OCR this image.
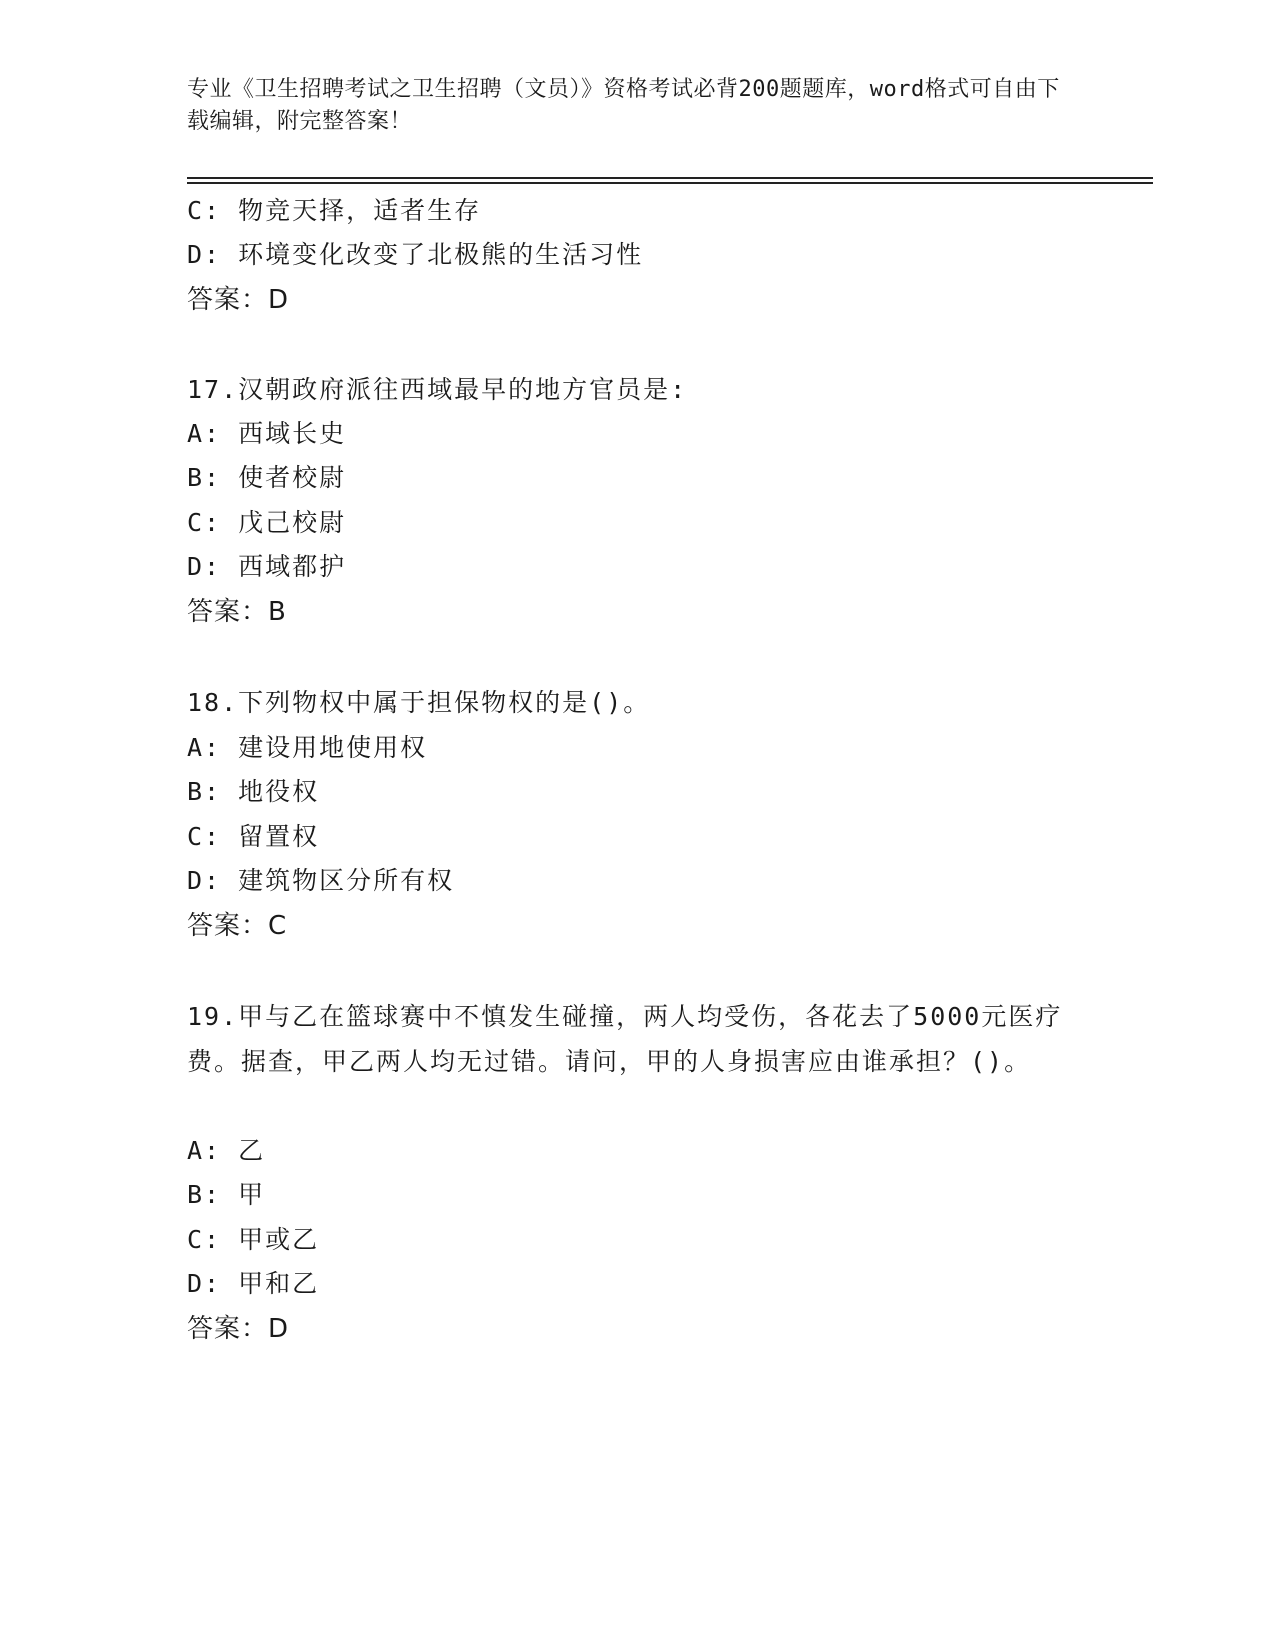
专业《卫生招聘考试之卫生招聘（文员）》资格考试必背200题题库，word格式可自由下载编辑，附完整答案！
C: 物竞天择，适者生存
D: 环境变化改变了北极熊的生活习性
答案：D
17.汉朝政府派往西域最早的地方官员是:
A: 西域长史
B: 使者校尉
C: 戊己校尉
D: 西域都护
答案：B
18.下列物权中属于担保物权的是()。
A: 建设用地使用权
B: 地役权
C: 留置权
D: 建筑物区分所有权
答案：C
19.甲与乙在篮球赛中不慎发生碰撞，两人均受伤，各花去了5000元医疗费。据查，甲乙两人均无过错。请问，甲的人身损害应由谁承担？()。
A: 乙
B: 甲
C: 甲或乙
D: 甲和乙
答案：D
